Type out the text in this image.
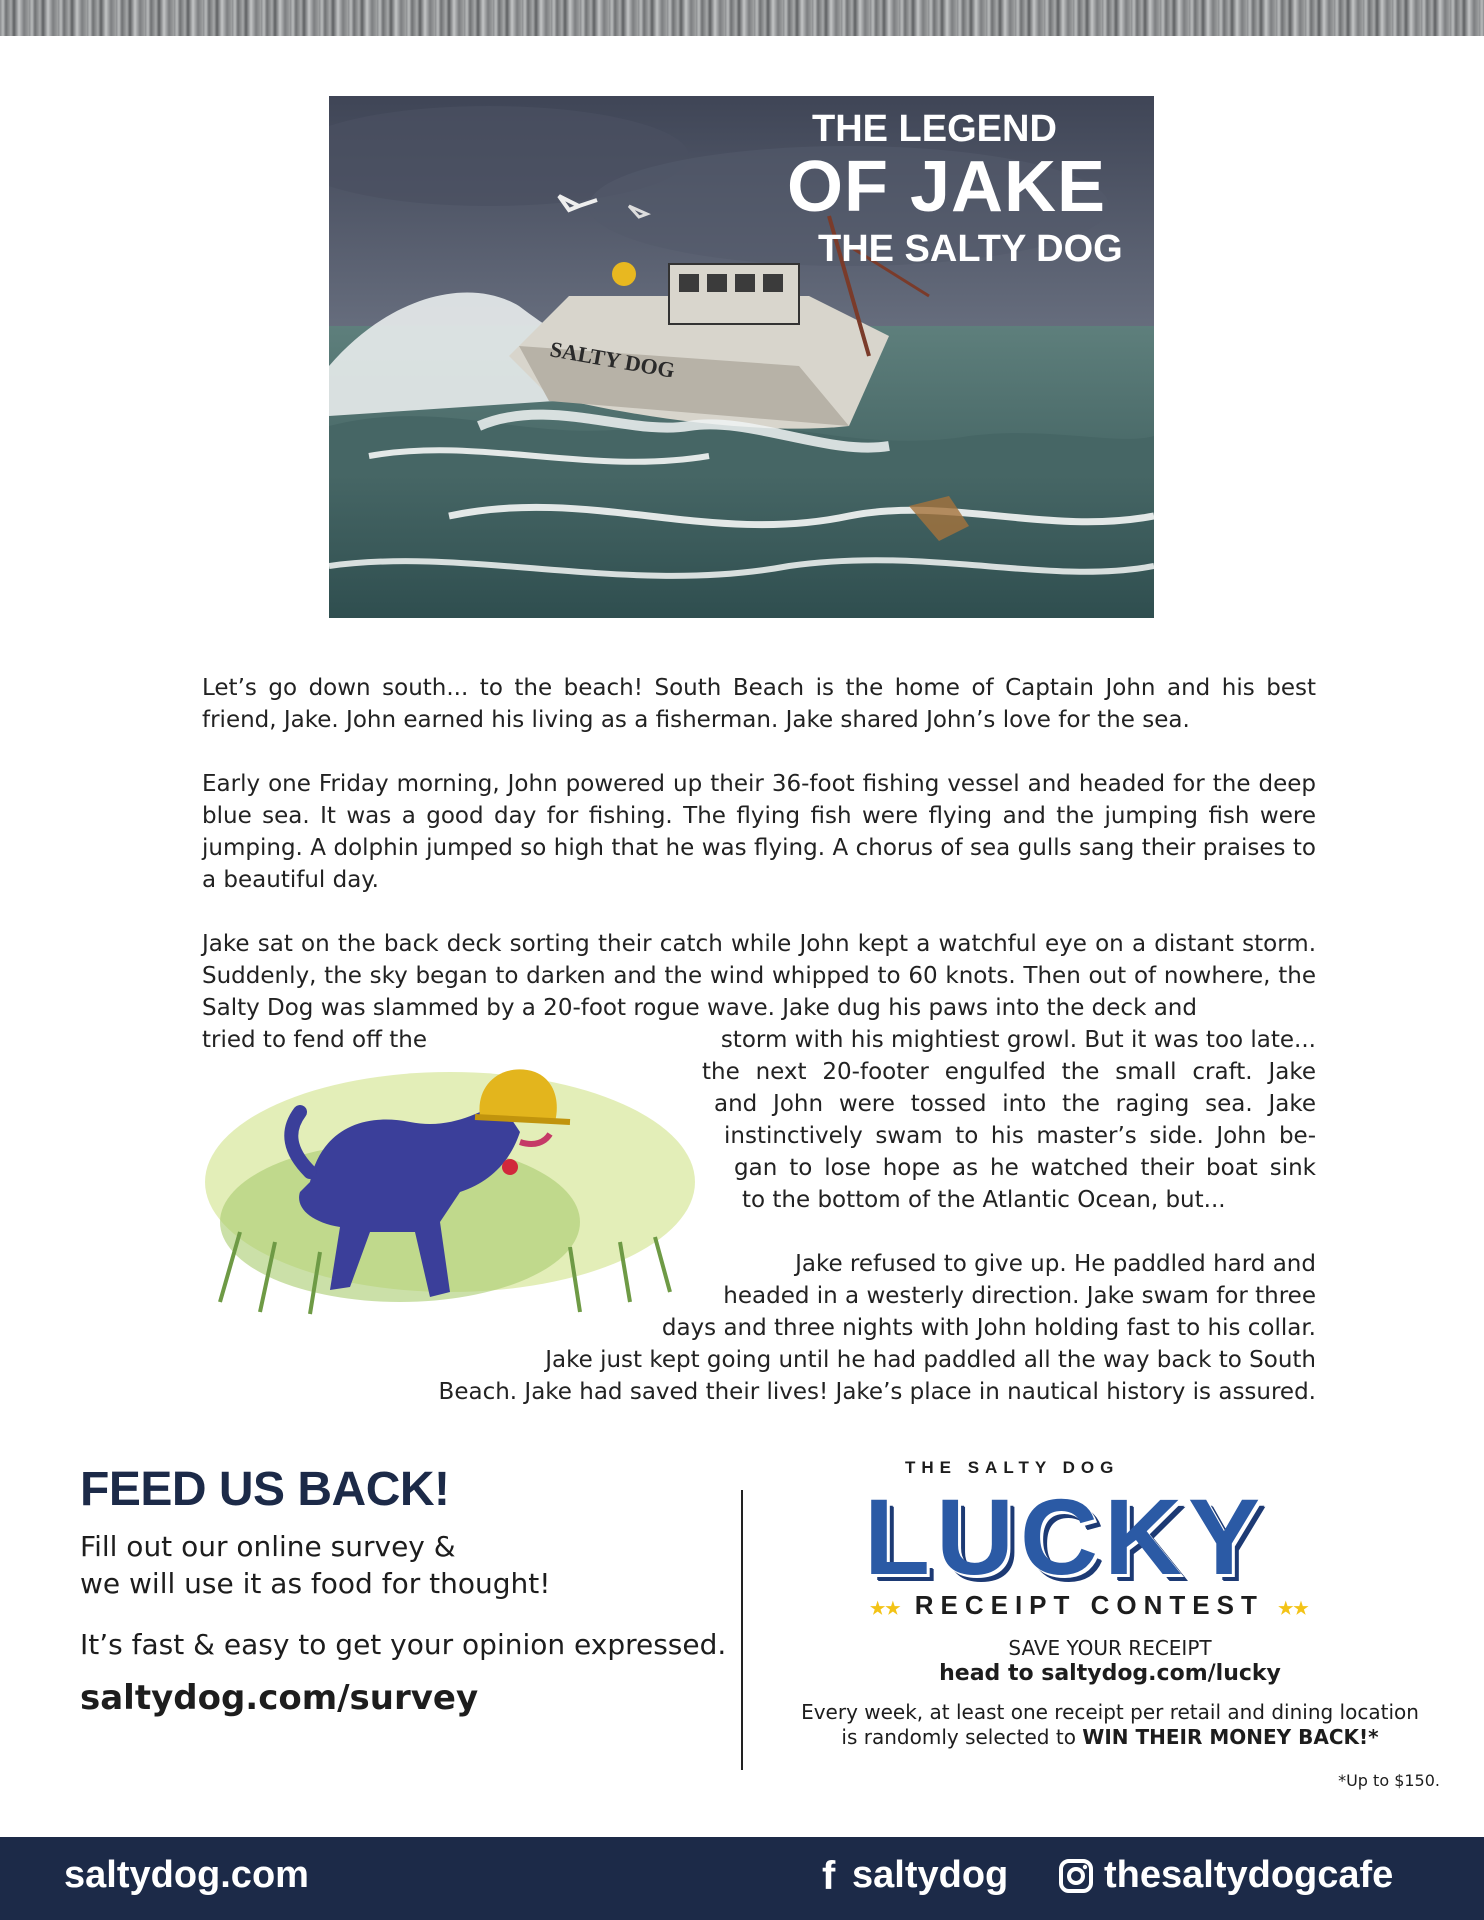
SALTY DOG
THE LEGEND
OF JAKE
THE SALTY DOG

Let’s go down south... to the beach! South Beach is the home of Captain John and his best friend, Jake. John earned his living as a fisherman. Jake shared John’s love for the sea.

Early one Friday morning, John powered up their 36-foot fishing vessel and headed for the deep blue sea. It was a good day for fishing. The flying fish were flying and the jumping fish were jumping. A dolphin jumped so high that he was flying. A chorus of sea gulls sang their praises to a beautiful day.

Jake sat on the back deck sorting their catch while John kept a watchful eye on a distant storm. Suddenly, the sky began to darken and the wind whipped to 60 knots. Then out of nowhere, the Salty Dog was slammed by a 20-foot rogue wave. Jake dug his paws into the deck and
tried to fend off the	storm with his mightiest growl. But it was too late...
the next 20-footer engulfed the small craft. Jake
and John were tossed into the raging sea. Jake
instinctively swam to his master’s side. John be-
gan to lose hope as he watched their boat sink
to the bottom of the Atlantic Ocean, but...
Jake refused to give up. He paddled hard and
headed in a westerly direction. Jake swam for three
days and three nights with John holding fast to his collar.
Jake just kept going until he had paddled all the way back to South
Beach. Jake had saved their lives! Jake’s place in nautical history is assured.
FEED US BACK!
Fill out our online survey &
we will use it as food for thought!
It’s fast & easy to get your opinion expressed.
saltydog.com/survey
THE SALTY DOG
LUCKY
★★ RECEIPT CONTEST ★★
SAVE YOUR RECEIPT
head to saltydog.com/lucky
Every week, at least one receipt per retail and dining location
is randomly selected to WIN THEIR MONEY BACK!*
*Up to $150.
saltydog.com	f saltydog	thesaltydogcafe
